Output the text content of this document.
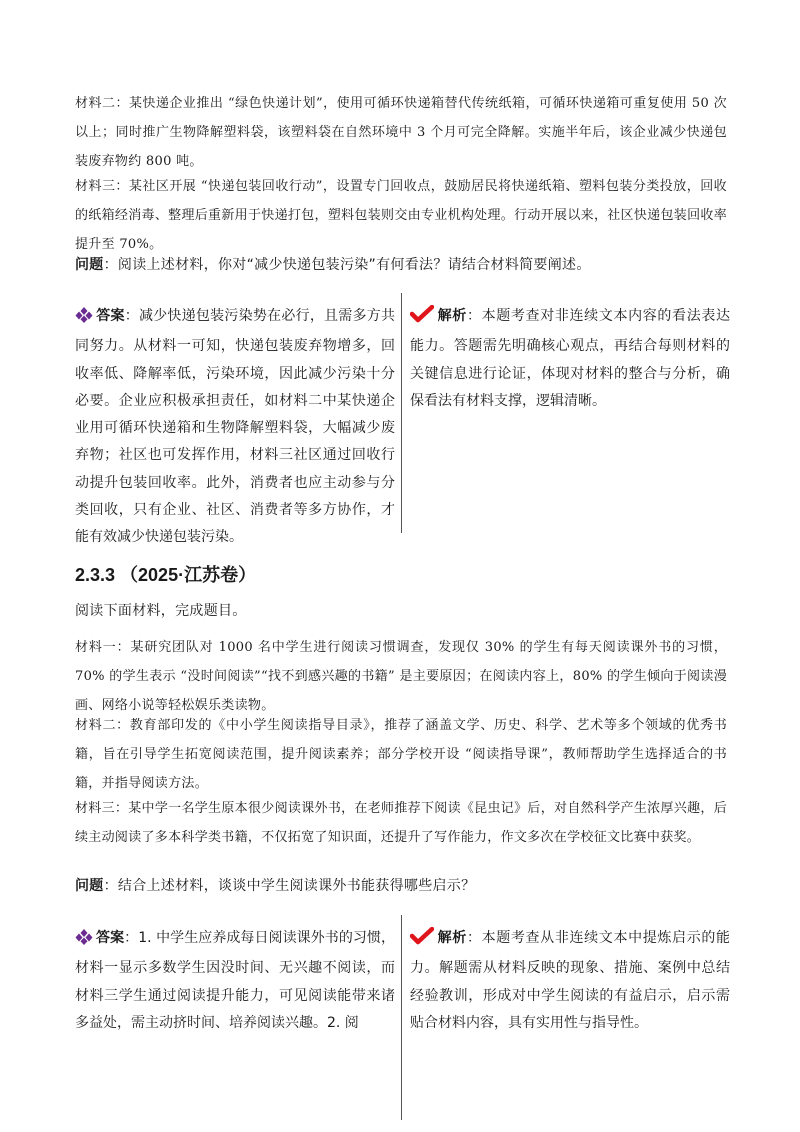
材料二：某快递企业推出 “绿色快递计划”，使用可循环快递箱替代传统纸箱，可循环快递箱可重复使用 50 次以上；同时推广生物降解塑料袋，该塑料袋在自然环境中 3 个月可完全降解。实施半年后，该企业减少快递包装废弃物约 800 吨。

材料三：某社区开展 “快递包装回收行动”，设置专门回收点，鼓励居民将快递纸箱、塑料包装分类投放，回收的纸箱经消毒、整理后重新用于快递打包，塑料包装则交由专业机构处理。行动开展以来，社区快递包装回收率提升至 70%。

问题：阅读上述材料，你对“减少快递包装污染”有何看法？请结合材料简要阐述。

答案：减少快递包装污染势在必行，且需多方共同努力。从材料一可知，快递包装废弃物增多，回收率低、降解率低，污染环境，因此减少污染十分必要。企业应积极承担责任，如材料二中某快递企业用可循环快递箱和生物降解塑料袋，大幅减少废弃物；社区也可发挥作用，材料三社区通过回收行动提升包装回收率。此外，消费者也应主动参与分类回收，只有企业、社区、消费者等多方协作，才能有效减少快递包装污染。
解析：本题考查对非连续文本内容的看法表达能力。答题需先明确核心观点，再结合每则材料的关键信息进行论证，体现对材料的整合与分析，确保看法有材料支撑，逻辑清晰。
2.3.3 （2025·江苏卷）

阅读下面材料，完成题目。

材料一：某研究团队对 1000 名中学生进行阅读习惯调查，发现仅 30% 的学生有每天阅读课外书的习惯，70% 的学生表示 “没时间阅读”“找不到感兴趣的书籍” 是主要原因；在阅读内容上，80% 的学生倾向于阅读漫画、网络小说等轻松娱乐类读物。

材料二：教育部印发的《中小学生阅读指导目录》，推荐了涵盖文学、历史、科学、艺术等多个领域的优秀书籍，旨在引导学生拓宽阅读范围，提升阅读素养；部分学校开设 “阅读指导课”，教师帮助学生选择适合的书籍，并指导阅读方法。

材料三：某中学一名学生原本很少阅读课外书，在老师推荐下阅读《昆虫记》后，对自然科学产生浓厚兴趣，后续主动阅读了多本科学类书籍，不仅拓宽了知识面，还提升了写作能力，作文多次在学校征文比赛中获奖。

问题：结合上述材料，谈谈中学生阅读课外书能获得哪些启示？

答案：1. 中学生应养成每日阅读课外书的习惯，材料一显示多数学生因没时间、无兴趣不阅读，而材料三学生通过阅读提升能力，可见阅读能带来诸多益处，需主动挤时间、培养阅读兴趣。2. 阅
解析：本题考查从非连续文本中提炼启示的能力。解题需从材料反映的现象、措施、案例中总结经验教训，形成对中学生阅读的有益启示，启示需贴合材料内容，具有实用性与指导性。
